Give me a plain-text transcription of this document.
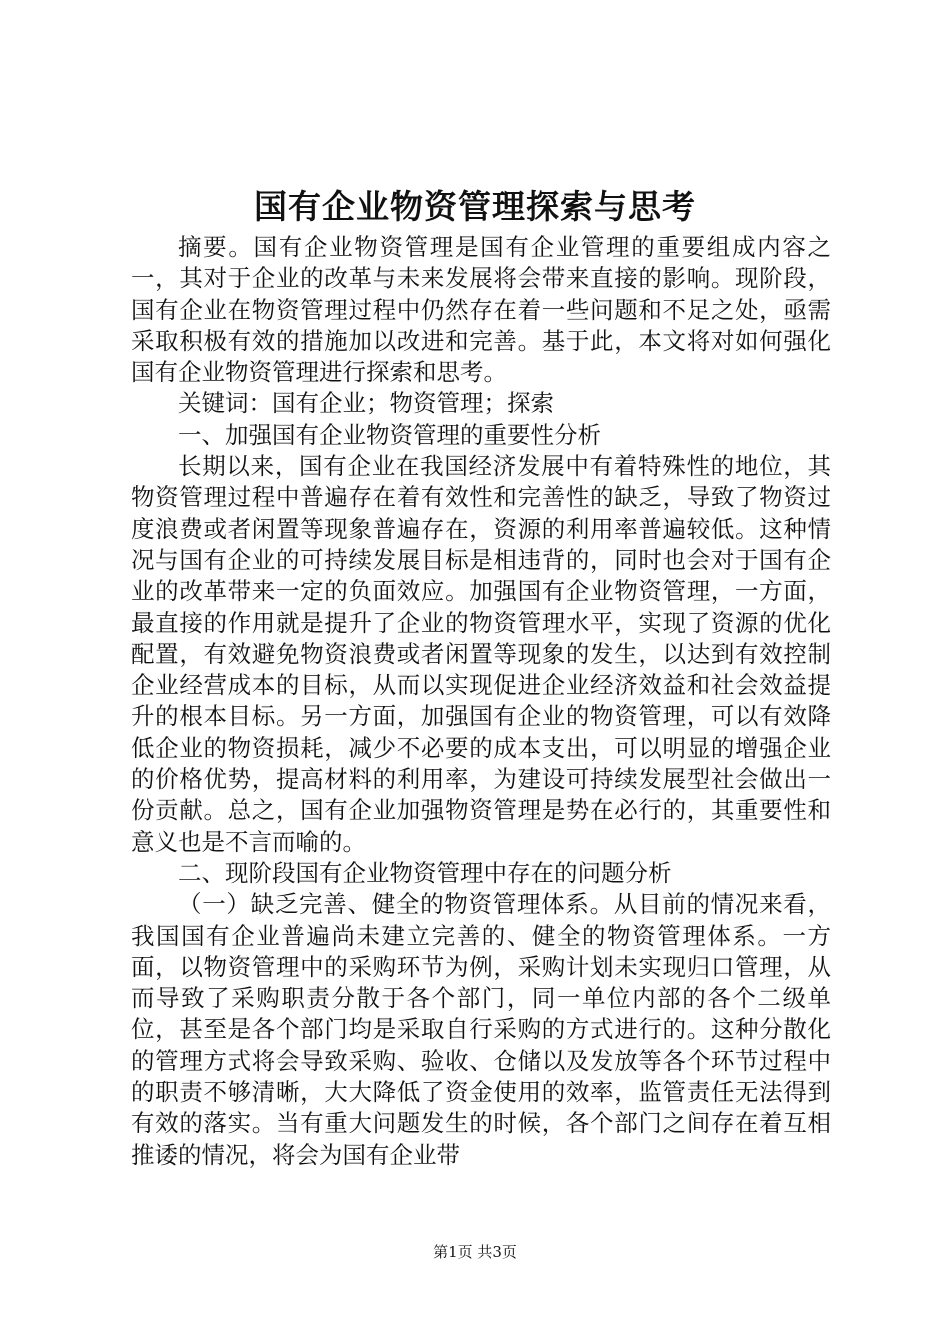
国有企业物资管理探索与思考

摘要。国有企业物资管理是国有企业管理的重要组成内容之一，其对于企业的改革与未来发展将会带来直接的影响。现阶段，国有企业在物资管理过程中仍然存在着一些问题和不足之处，亟需采取积极有效的措施加以改进和完善。基于此，本文将对如何强化国有企业物资管理进行探索和思考。

关键词：国有企业；物资管理；探索

一、加强国有企业物资管理的重要性分析

长期以来，国有企业在我国经济发展中有着特殊性的地位，其物资管理过程中普遍存在着有效性和完善性的缺乏，导致了物资过度浪费或者闲置等现象普遍存在，资源的利用率普遍较低。这种情况与国有企业的可持续发展目标是相违背的，同时也会对于国有企业的改革带来一定的负面效应。加强国有企业物资管理，一方面，最直接的作用就是提升了企业的物资管理水平，实现了资源的优化配置，有效避免物资浪费或者闲置等现象的发生，以达到有效控制企业经营成本的目标，从而以实现促进企业经济效益和社会效益提升的根本目标。另一方面，加强国有企业的物资管理，可以有效降低企业的物资损耗，减少不必要的成本支出，可以明显的增强企业的价格优势，提高材料的利用率，为建设可持续发展型社会做出一份贡献。总之，国有企业加强物资管理是势在必行的，其重要性和意义也是不言而喻的。

二、现阶段国有企业物资管理中存在的问题分析

（一）缺乏完善、健全的物资管理体系。从目前的情况来看，我国国有企业普遍尚未建立完善的、健全的物资管理体系。一方面，以物资管理中的采购环节为例，采购计划未实现归口管理，从而导致了采购职责分散于各个部门，同一单位内部的各个二级单位，甚至是各个部门均是采取自行采购的方式进行的。这种分散化的管理方式将会导致采购、验收、仓储以及发放等各个环节过程中的职责不够清晰，大大降低了资金使用的效率，监管责任无法得到有效的落实。当有重大问题发生的时候，各个部门之间存在着互相推诿的情况，将会为国有企业带

第1页 共3页
